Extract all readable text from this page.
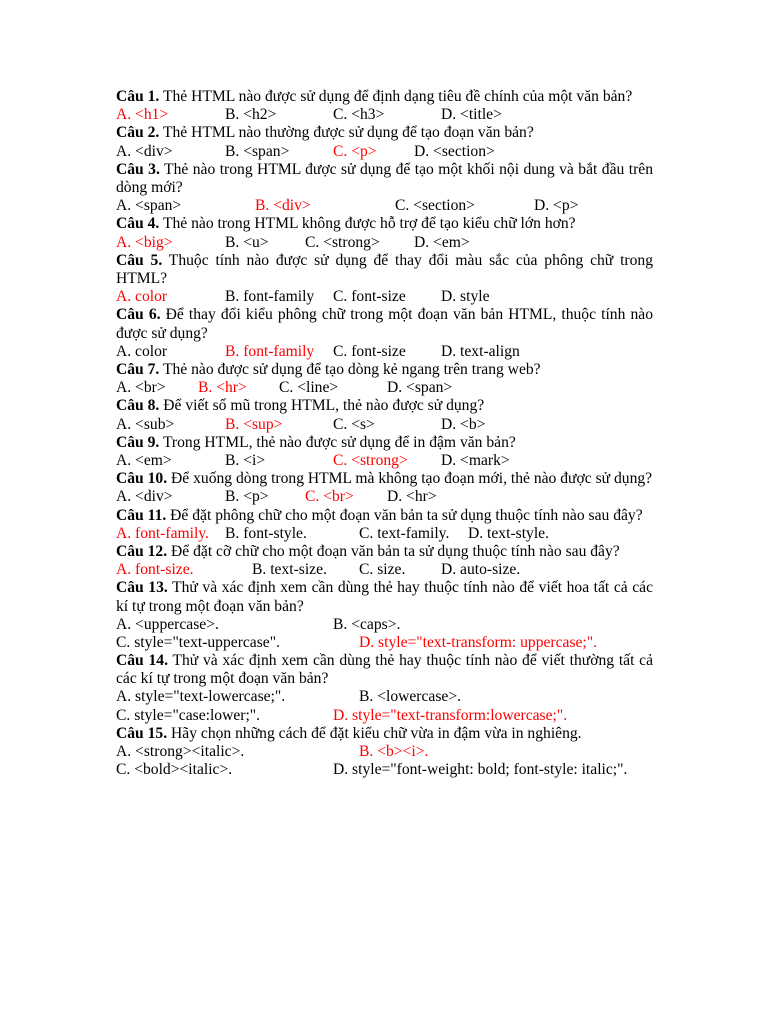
Câu 1. Thẻ HTML nào được sử dụng để định dạng tiêu đề chính của một văn bản?
A. <h1>	B. <h2>	C. <h3>	D. <title>
Câu 2. Thẻ HTML nào thường được sử dụng để tạo đoạn văn bản?
A. <div>	B. <span>	C. <p> D. <section>
Câu 3. Thẻ nào trong HTML được sử dụng để tạo một khối nội dung và bắt đầu trên dòng mới?
A. <span>	B. <div>	C. <section>	D. <p>
Câu 4. Thẻ nào trong HTML không được hỗ trợ để tạo kiểu chữ lớn hơn?
A. <big>	B. <u> C. <strong> D. <em>
Câu 5. Thuộc tính nào được sử dụng để thay đổi màu sắc của phông chữ trong HTML?
A. color	B. font-family C. font-size D. style
Câu 6. Để thay đổi kiểu phông chữ trong một đoạn văn bản HTML, thuộc tính nào được sử dụng?
A. color	B. font-family C. font-size D. text-align
Câu 7. Thẻ nào được sử dụng để tạo dòng kẻ ngang trên trang web?
A. <br> B. <hr> C. <line>	D. <span>
Câu 8. Để viết số mũ trong HTML, thẻ nào được sử dụng?
A. <sub>	B. <sup>	C. <s>	D. <b>
Câu 9. Trong HTML, thẻ nào được sử dụng để in đậm văn bản?
A. <em>	B. <i>	C. <strong> D. <mark>
Câu 10. Để xuống dòng trong HTML mà không tạo đoạn mới, thẻ nào được sử dụng?
A. <div>	B. <p> C. <br> D. <hr>
Câu 11. Để đặt phông chữ cho một đoạn văn bản ta sử dụng thuộc tính nào sau đây?
A. font-family. B. font-style.	C. text-family. D. text-style.
Câu 12. Để đặt cỡ chữ cho một đoạn văn bản ta sử dụng thuộc tính nào sau đây?
A. font-size.	B. text-size. C. size. D. auto-size.
Câu 13. Thử và xác định xem cần dùng thẻ hay thuộc tính nào để viết hoa tất cả các kí tự trong một đoạn văn bản?
A. <uppercase>.	B. <caps>.
C. style="text-uppercase".	D. style="text-transform: uppercase;".
Câu 14. Thử và xác định xem cần dùng thẻ hay thuộc tính nào để viết thường tất cả các kí tự trong một đoạn văn bản?
A. style="text-lowercase;".	B. <lowercase>.
C. style="case:lower;".	D. style="text-transform:lowercase;".
Câu 15. Hãy chọn những cách để đặt kiểu chữ vừa in đậm vừa in nghiêng.
A. <strong><italic>.	B. <b><i>.
C. <bold><italic>.	D. style="font-weight: bold; font-style: italic;".
